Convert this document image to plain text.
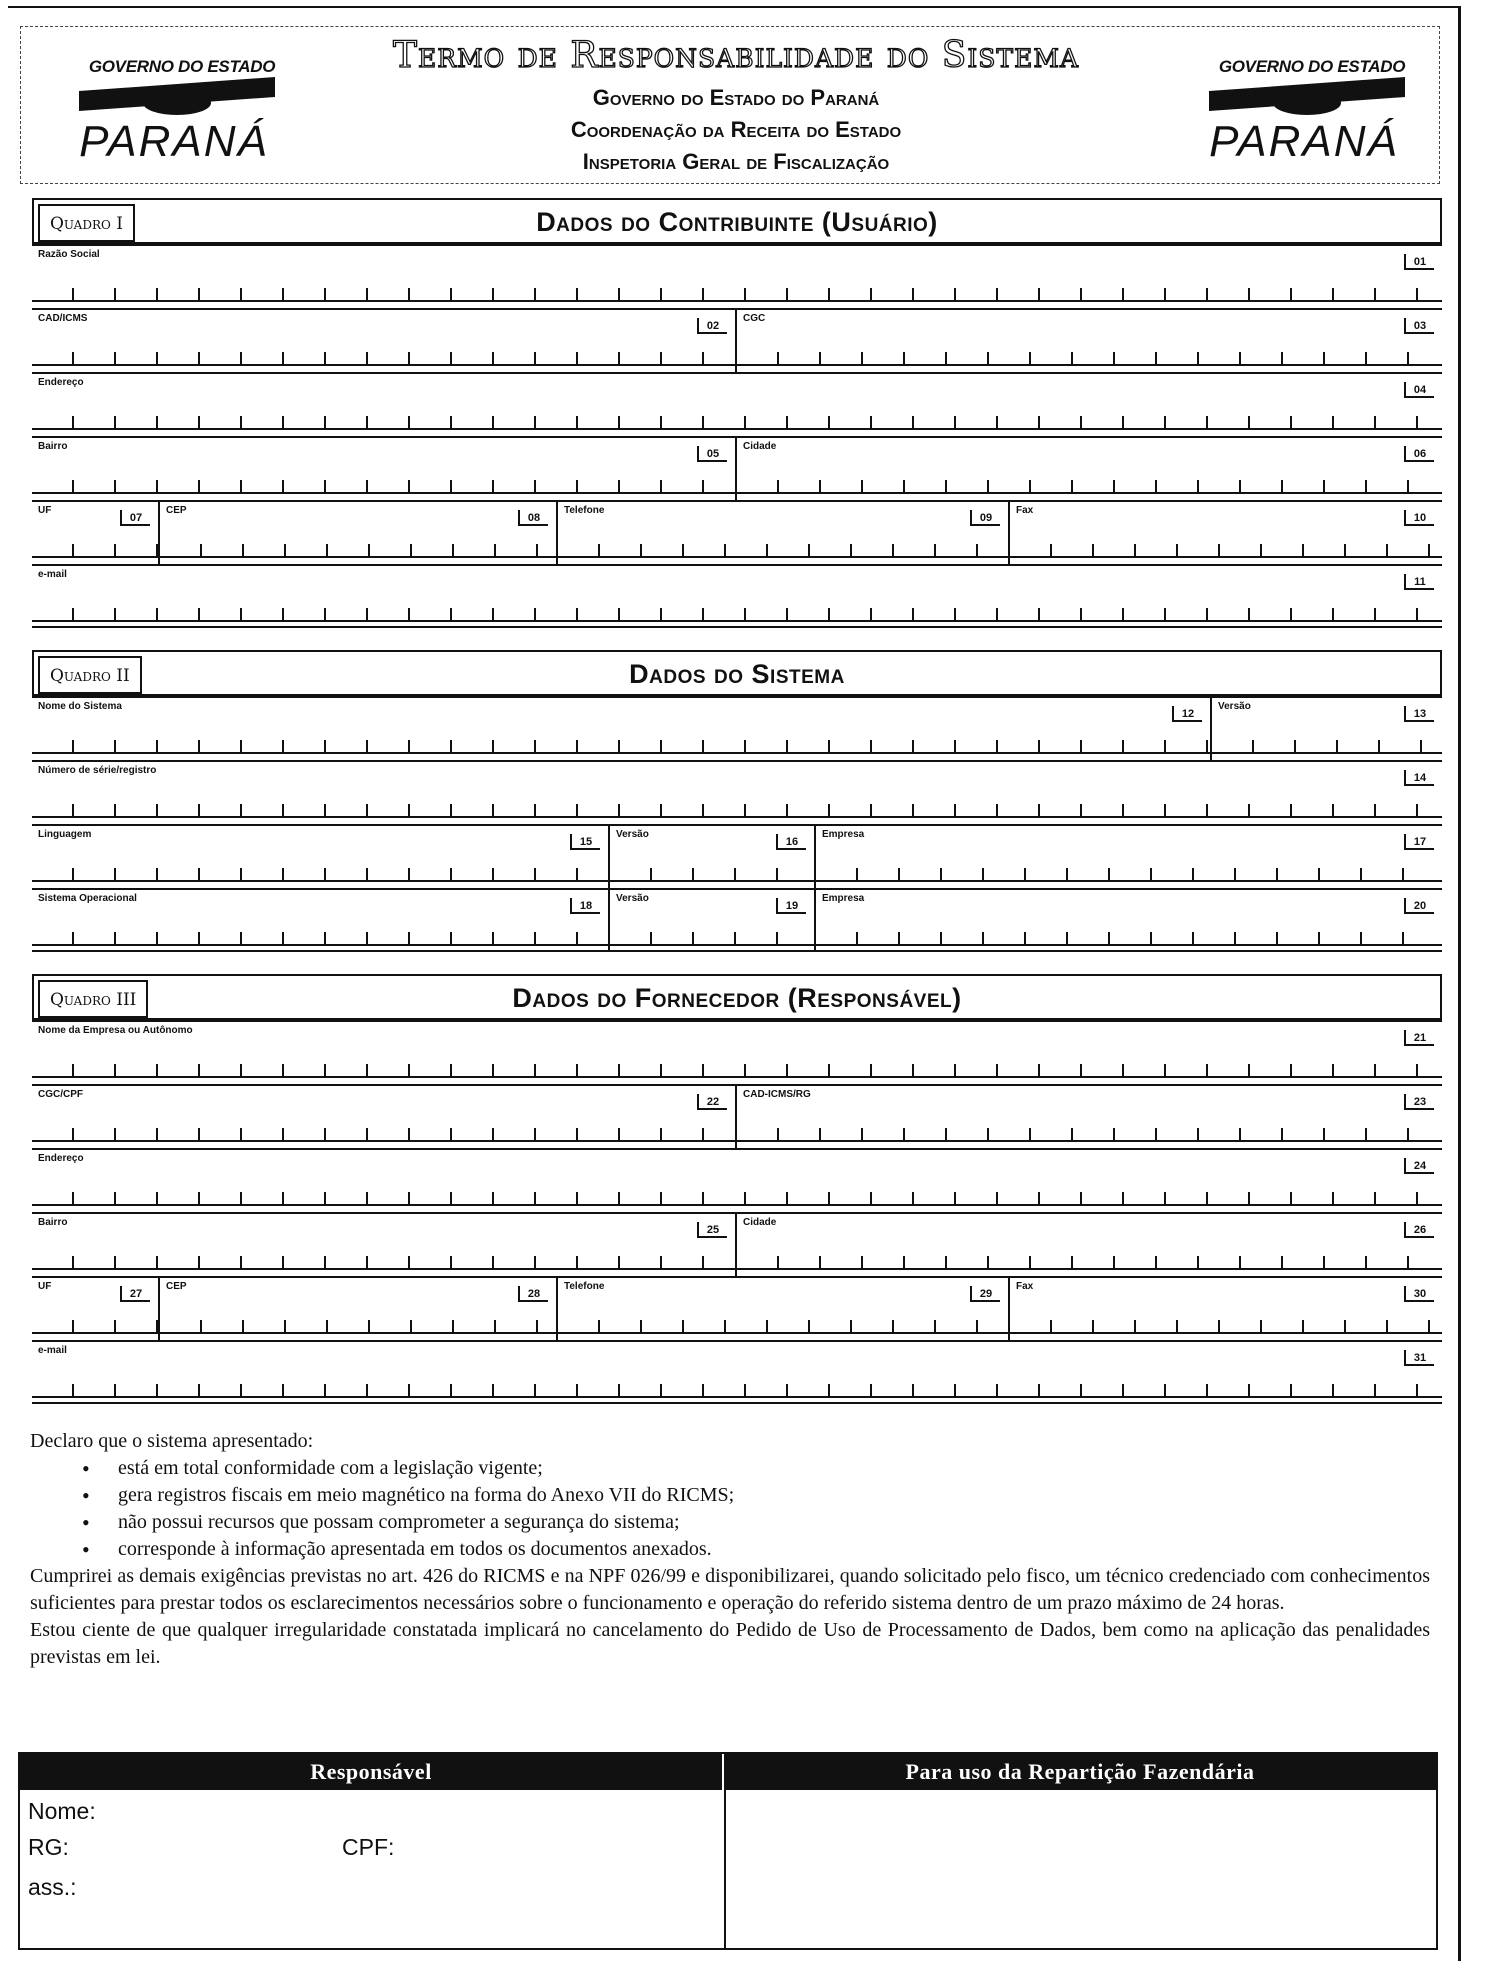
GOVERNO DO ESTADO
PARANÁ
Termo de Responsabilidade do Sistema
Governo do Estado do Paraná
Coordenação da Receita do Estado
Inspetoria Geral de Fiscalização
GOVERNO DO ESTADO
PARANÁ
Dados do Contribuinte (Usuário)
Quadro I
Razão Social
01
CAD/ICMS
02
CGC
03
Endereço
04
Bairro
05
Cidade
06
UF
07
CEP
08
Telefone
09
Fax
10
e-mail
11
Dados do Sistema
Quadro II
Nome do Sistema
12
Versão
13
Número de série/registro
14
Linguagem
15
Versão
16
Empresa
17
Sistema Operacional
18
Versão
19
Empresa
20
Dados do Fornecedor (Responsável)
Quadro III
Nome da Empresa ou Autônomo
21
CGC/CPF
22
CAD-ICMS/RG
23
Endereço
24
Bairro
25
Cidade
26
UF
27
CEP
28
Telefone
29
Fax
30
e-mail
31

Declaro que o sistema apresentado:

• está em total conformidade com a legislação vigente;
• gera registros fiscais em meio magnético na forma do Anexo VII do RICMS;
• não possui recursos que possam comprometer a segurança do sistema;
• corresponde à informação apresentada em todos os documentos anexados.

Cumprirei as demais exigências previstas no art. 426 do RICMS e na NPF 026/99 e disponibilizarei, quando solicitado pelo fisco, um técnico credenciado com conhecimentos suficientes para prestar todos os esclarecimentos necessários sobre o funcionamento e operação do referido sistema dentro de um prazo máximo de 24 horas.

Estou ciente de que qualquer irregularidade constatada implicará no cancelamento do Pedido de Uso de Processamento de Dados, bem como na aplicação das penalidades previstas em lei.

Responsável	Para uso da Repartição Fazendária
Nome:
RG:	CPF:
ass.:
